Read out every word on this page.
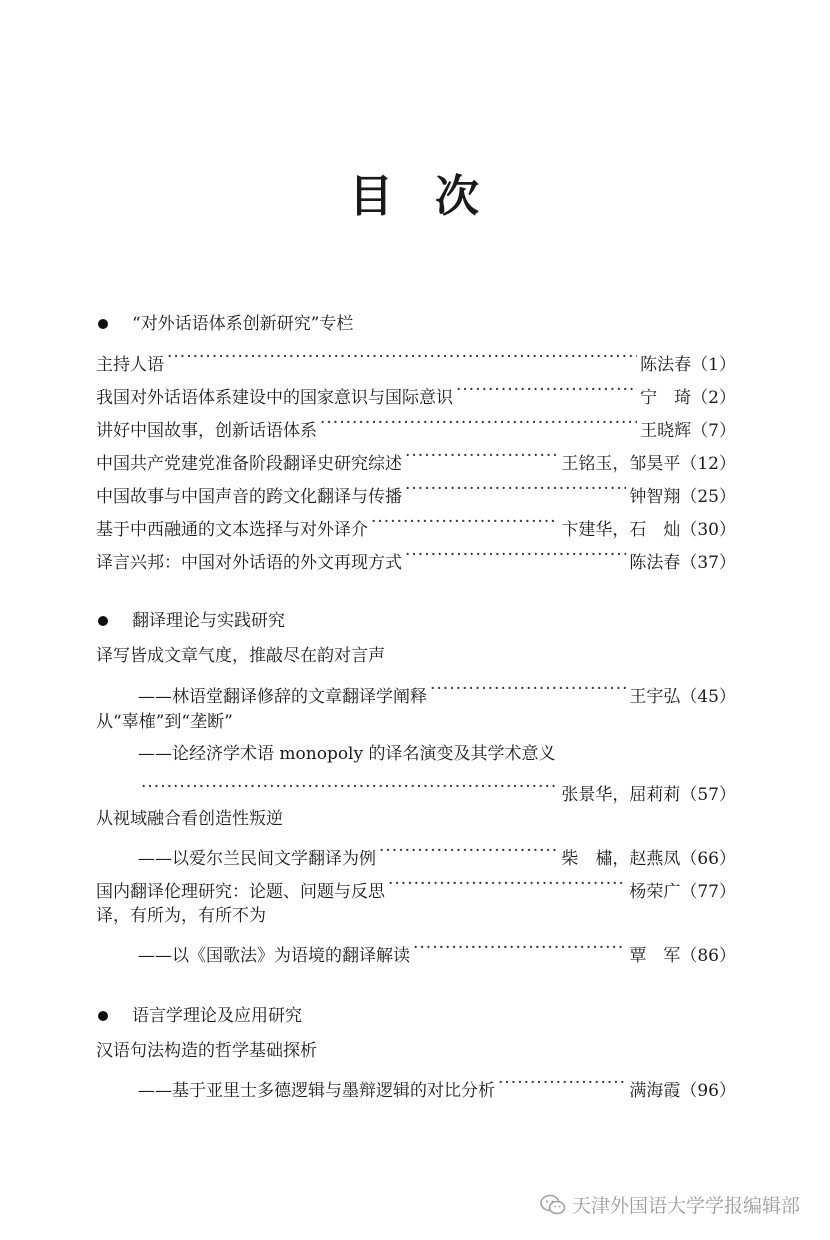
目 次
“对外话语体系创新研究”专栏
主持人语 ·····	陈法春 （1）
我国对外话语体系建设中的国家意识与国际意识 ·····	宁　琦 （2）
讲好中国故事，创新话语体系 ·····	王晓辉 （7）
中国共产党建党准备阶段翻译史研究综述 ·····	王铭玉，邹昊平 （12）
中国故事与中国声音的跨文化翻译与传播 ·····	钟智翔 （25）
基于中西融通的文本选择与对外译介 ·····	卞建华，石　灿 （30）
译言兴邦：中国对外话语的外文再现方式 ·····	陈法春 （37）
翻译理论与实践研究
译写皆成文章气度，推敲尽在韵对言声
——林语堂翻译修辞的文章翻译学阐释 ·····	王宇弘 （45）
从“辜榷”到“垄断”
——论经济学术语 monopoly 的译名演变及其学术意义
·····
张景华，屈莉莉 （57）
从视域融合看创造性叛逆
——以爱尔兰民间文学翻译为例 ·····	柴　橚，赵燕凤 （66）
国内翻译伦理研究：论题、问题与反思 ·····	杨荣广 （77）
译，有所为，有所不为
——以《国歌法》为语境的翻译解读 ·····	覃　军 （86）
语言学理论及应用研究
汉语句法构造的哲学基础探析
——基于亚里士多德逻辑与墨辩逻辑的对比分析 ·····	满海霞 （96）
天津外国语大学学报编辑部
